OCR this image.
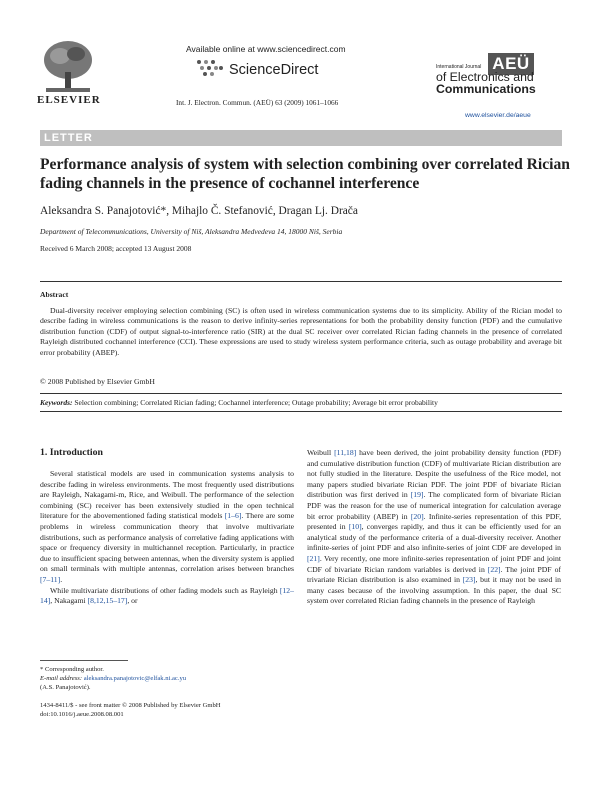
ELSEVIER
Available online at www.sciencedirect.com
ScienceDirect
Int. J. Electron. Commun. (AEÜ) 63 (2009) 1061–1066
International Journal AEÜ
of Electronics and
Communications
www.elsevier.de/aeue
LETTER
Performance analysis of system with selection combining over correlated Rician fading channels in the presence of cochannel interference
Aleksandra S. Panajotović*, Mihajlo Č. Stefanović, Dragan Lj. Drača
Department of Telecommunications, University of Niš, Aleksandra Medvedeva 14, 18000 Niš, Serbia
Received 6 March 2008; accepted 13 August 2008
Abstract
Dual-diversity receiver employing selection combining (SC) is often used in wireless communication systems due to its simplicity. Ability of the Rician model to describe fading in wireless communications is the reason to derive infinity-series representations for both the probability density function (PDF) and the cumulative distribution function (CDF) of output signal-to-interference ratio (SIR) at the dual SC receiver over correlated Rician fading channels in the presence of correlated Rayleigh distributed cochannel interference (CCI). These expressions are used to study wireless system performance criteria, such as outage probability and average bit error probability (ABEP).
© 2008 Published by Elsevier GmbH
Keywords: Selection combining; Correlated Rician fading; Cochannel interference; Outage probability; Average bit error probability
1. Introduction

Several statistical models are used in communication systems analysis to describe fading in wireless environments. The most frequently used distributions are Rayleigh, Nakagami-m, Rice, and Weibull. The performance of the selection combining (SC) receiver has been extensively studied in the open technical literature for the abovementioned fading statistical models [1–6]. There are some problems in wireless communication theory that involve multivariate distributions, such as performance analysis of correlative fading applications with space or frequency diversity in multichannel reception. Particularly, in practice due to insufficient spacing between antennas, when the diversity system is applied on small terminals with multiple antennas, correlation arises between branches [7–11].

While multivariate distributions of other fading models such as Rayleigh [12–14], Nakagami [8,12,15–17], or

Weibull [11,18] have been derived, the joint probability density function (PDF) and cumulative distribution function (CDF) of multivariate Rician distribution are not fully studied in the literature. Despite the usefulness of the Rice model, not many papers studied bivariate Rician PDF. The joint PDF of bivariate Rician distribution was first derived in [19]. The complicated form of bivariate Rician PDF was the reason for the use of numerical integration for calculation average bit error probability (ABEP) in [20]. Infinite-series representation of this PDF, presented in [10], converges rapidly, and thus it can be efficiently used for an analytical study of the performance criteria of a dual-diversity receiver. Another infinite-series of joint PDF and also infinite-series of joint CDF are developed in [21]. Very recently, one more infinite-series representation of joint PDF and joint CDF of bivariate Rician random variables is derived in [22]. The joint PDF of trivariate Rician distribution is also examined in [23], but it may not be used in many cases because of the involving assumption. In this paper, the dual SC system over correlated Rician fading channels in the presence of Rayleigh

* Corresponding author.
E-mail address: aleksandra.panajotovic@elfak.ni.ac.yu
(A.S. Panajotović).
1434-8411/$ - see front matter © 2008 Published by Elsevier GmbH
doi:10.1016/j.aeue.2008.08.001
